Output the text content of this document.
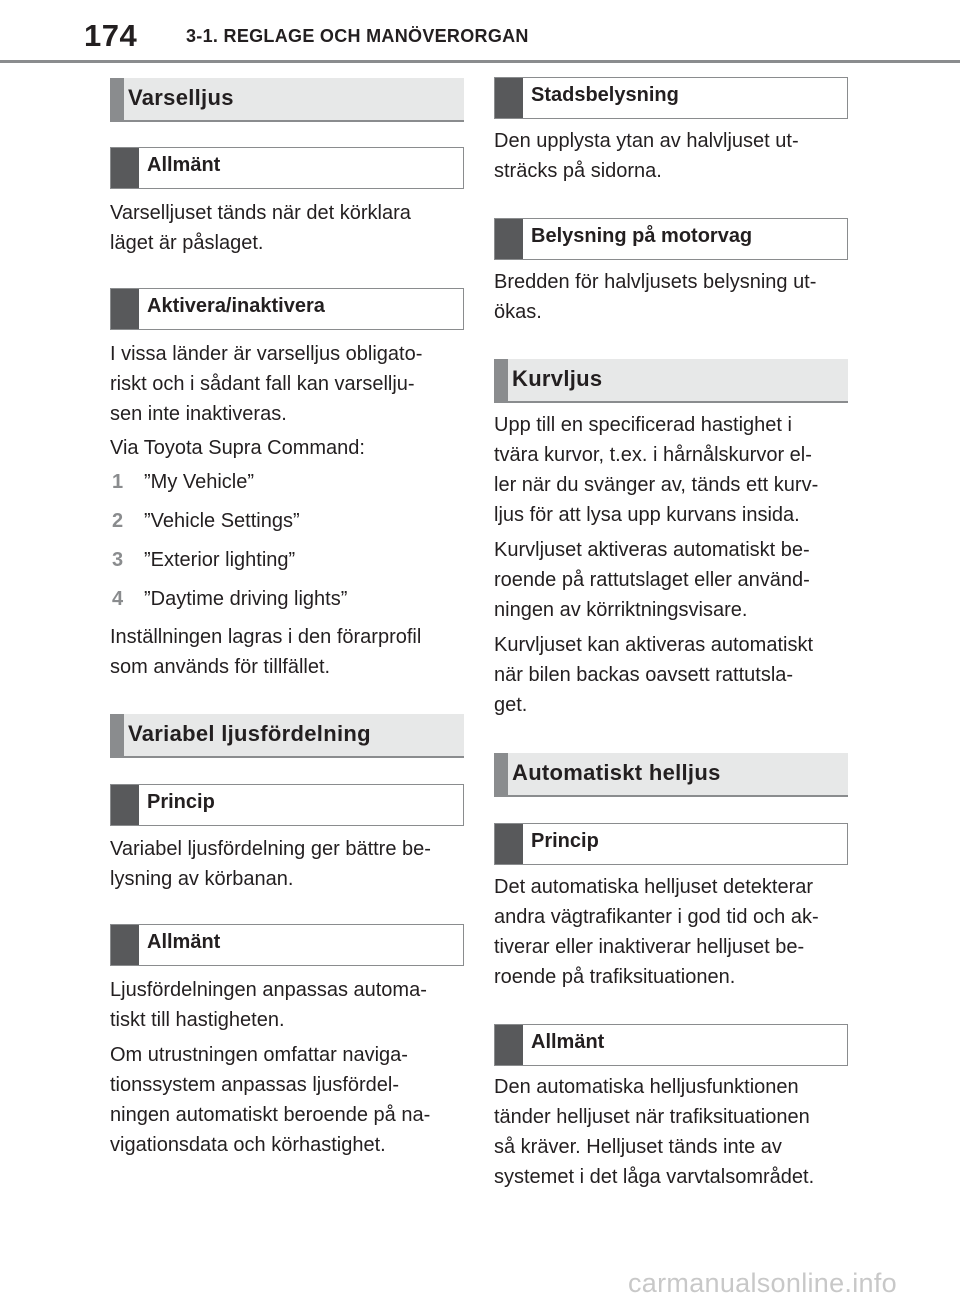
174	3-1. REGLAGE OCH MANÖVERORGAN
Varselljus
Allmänt
Varselljuset tänds när det körklara
läget är påslaget.
Aktivera/inaktivera
I vissa länder är varselljus obligato-
riskt och i sådant fall kan varsellju-
sen inte inaktiveras.
Via Toyota Supra Command:
1 ”My Vehicle”
2 ”Vehicle Settings”
3 ”Exterior lighting”
4 ”Daytime driving lights”
Inställningen lagras i den förarprofil
som används för tillfället.
Variabel ljusfördelning
Princip
Variabel ljusfördelning ger bättre be-
lysning av körbanan.
Allmänt
Ljusfördelningen anpassas automa-
tiskt till hastigheten.
Om utrustningen omfattar naviga-
tionssystem anpassas ljusfördel-
ningen automatiskt beroende på na-
vigationsdata och körhastighet.
Stadsbelysning
Den upplysta ytan av halvljuset ut-
sträcks på sidorna.
Belysning på motorvag
Bredden för halvljusets belysning ut-
ökas.
Kurvljus
Upp till en specificerad hastighet i
tvära kurvor, t.ex. i hårnålskurvor el-
ler när du svänger av, tänds ett kurv-
ljus för att lysa upp kurvans insida.
Kurvljuset aktiveras automatiskt be-
roende på rattutslaget eller använd-
ningen av körriktningsvisare.
Kurvljuset kan aktiveras automatiskt
när bilen backas oavsett rattutsla-
get.
Automatiskt helljus
Princip
Det automatiska helljuset detekterar
andra vägtrafikanter i god tid och ak-
tiverar eller inaktiverar helljuset be-
roende på trafiksituationen.
Allmänt
Den automatiska helljusfunktionen
tänder helljuset när trafiksituationen
så kräver. Helljuset tänds inte av
systemet i det låga varvtalsområdet.
carmanualsonline.info
